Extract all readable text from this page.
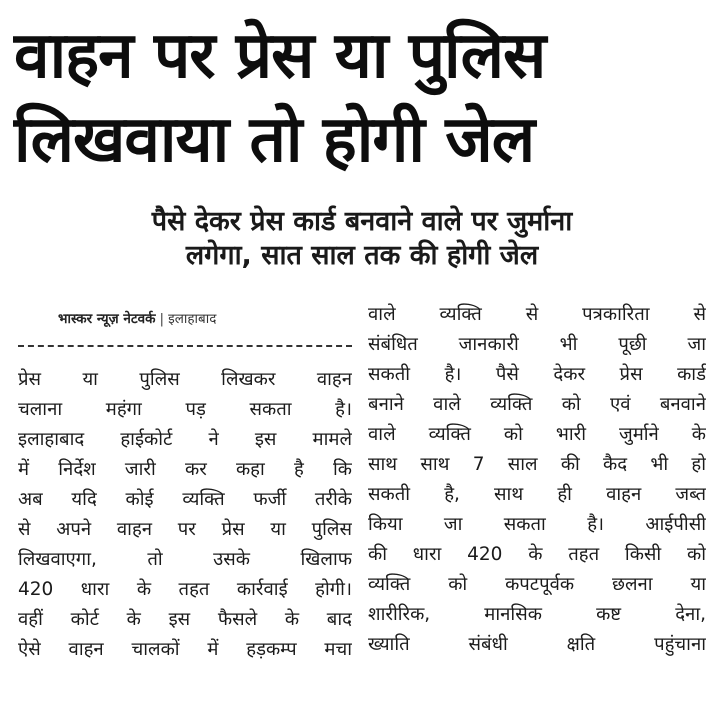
वाहन पर प्रेस या पुलिस
लिखवाया तो होगी जेल
पैसे देकर प्रेस कार्ड बनवाने वाले पर जुर्माना
लगेगा, सात साल तक की होगी जेल
भास्कर न्यूज़ नेटवर्क | इलाहाबाद
प्रेस या पुलिस लिखकर वाहन
चलाना महंगा पड़ सकता है।
इलाहाबाद हाईकोर्ट ने इस मामले
में निर्देश जारी कर कहा है कि
अब यदि कोई व्यक्ति फर्जी तरीके
से अपने वाहन पर प्रेस या पुलिस
लिखवाएगा, तो उसके खिलाफ
420 धारा के तहत कार्रवाई होगी।
वहीं कोर्ट के इस फैसले के बाद
ऐसे वाहन चालकों में हड़कम्प मचा
वाले व्यक्ति से पत्रकारिता से
संबंधित जानकारी भी पूछी जा
सकती है। पैसे देकर प्रेस कार्ड
बनाने वाले व्यक्ति को एवं बनवाने
वाले व्यक्ति को भारी जुर्माने के
साथ साथ 7 साल की कैद भी हो
सकती है, साथ ही वाहन जब्त
किया जा सकता है। आईपीसी
की धारा 420 के तहत किसी को
व्यक्ति को कपटपूर्वक छलना या
शारीरिक, मानसिक कष्ट देना,
ख्याति संबंधी क्षति पहुंचाना
